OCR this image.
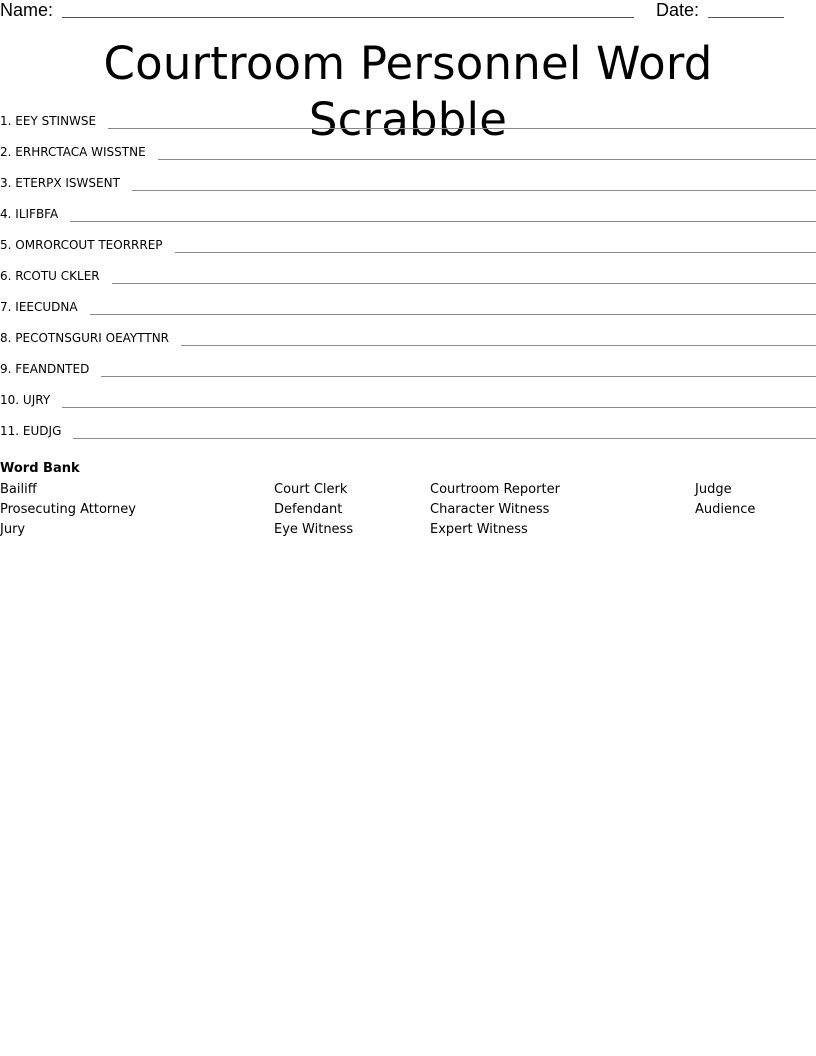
Name:	Date:
Courtroom Personnel Word Scrabble
1.
EEY STINWSE
2.
ERHRCTACA WISSTNE
3.
ETERPX ISWSENT
4.
ILIFBFA
5.
OMRORCOUT TEORRREP
6.
RCOTU CKLER
7.
IEECUDNA
8.
PECOTNSGURI OEAYTTNR
9.
FEANDNTED
10.
UJRY
11.
EUDJG
Word Bank
Bailiff	Court Clerk	Courtroom Reporter	Judge
Prosecuting Attorney	Defendant	Character Witness	Audience
Jury	Eye Witness	Expert Witness
